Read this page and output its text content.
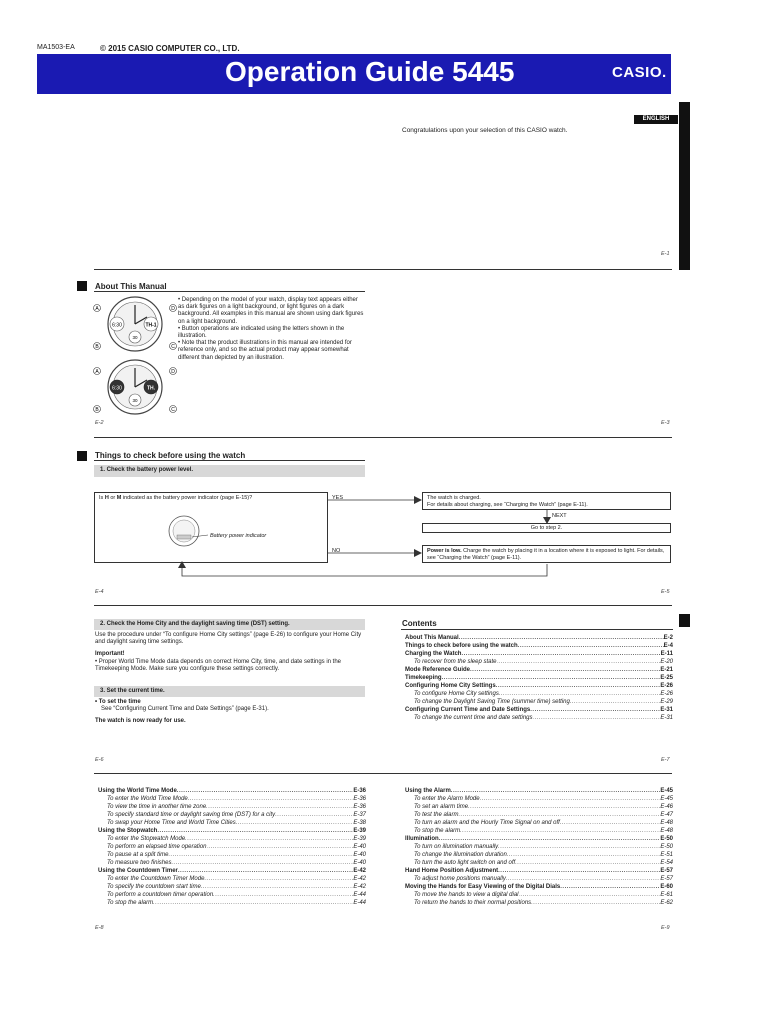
MA1503-EA	© 2015 CASIO COMPUTER CO., LTD.
Operation Guide 5445	CASIO.
ENGLISH
Congratulations upon your selection of this CASIO watch.
E-1
About This Manual
6:30	TH-1
30
A	D
B	C
6:30	TH.
30
A	D
B	C
• Depending on the model of your watch, display text appears either as dark figures on a light background, or light figures on a dark background. All examples in this manual are shown using dark figures on a light background.
• Button operations are indicated using the letters shown in the illustration.
• Note that the product illustrations in this manual are intended for reference only, and so the actual product may appear somewhat different than depicted by an illustration.
E-2	E-3
Things to check before using the watch
1. Check the battery power level.
Is H or M indicated as the battery power indicator (page E-15)?
Battery power indicator
YES
NO
The watch is charged.
For details about charging, see “Charging the Watch” (page E-11).
NEXT
Go to step 2.
Power is low. Charge the watch by placing it in a location where it is exposed to light. For details, see “Charging the Watch” (page E-11).
E-4	E-5
2. Check the Home City and the daylight saving time (DST) setting.
Use the procedure under “To configure Home City settings” (page E-26) to configure your Home City and daylight saving time settings.
Important!
• Proper World Time Mode data depends on correct Home City, time, and date settings in the Timekeeping Mode. Make sure you configure these settings correctly.
3. Set the current time.
• To set the time
See “Configuring Current Time and Date Settings” (page E-31).
The watch is now ready for use.
E-6	E-7
Contents
About This Manual .....	E-2
Things to check before using the watch .....	E-4
Charging the Watch .....	E-11
To recover from the sleep state .....	E-20
Mode Reference Guide .....	E-21
Timekeeping .....	E-25
Configuring Home City Settings .....	E-26
To configure Home City settings .....	E-26
To change the Daylight Saving Time (summer time) setting .....	E-29
Configuring Current Time and Date Settings .....	E-31
To change the current time and date settings .....	E-31
Using the World Time Mode .....	E-36
To enter the World Time Mode .....	E-36
To view the time in another time zone .....	E-36
To specify standard time or daylight saving time (DST) for a city .....	E-37
To swap your Home Time and World Time Cities .....	E-38
Using the Stopwatch .....	E-39
To enter the Stopwatch Mode .....	E-39
To perform an elapsed time operation .....	E-40
To pause at a split time .....	E-40
To measure two finishes .....	E-40
Using the Countdown Timer .....	E-42
To enter the Countdown Timer Mode .....	E-42
To specify the countdown start time .....	E-42
To perform a countdown timer operation .....	E-44
To stop the alarm .....	E-44
Using the Alarm .....	E-45
To enter the Alarm Mode .....	E-45
To set an alarm time .....	E-46
To test the alarm .....	E-47
To turn an alarm and the Hourly Time Signal on and off .....	E-48
To stop the alarm .....	E-48
Illumination .....	E-50
To turn on illumination manually .....	E-50
To change the illumination duration .....	E-51
To turn the auto light switch on and off .....	E-54
Hand Home Position Adjustment .....	E-57
To adjust home positions manually .....	E-57
Moving the Hands for Easy Viewing of the Digital Dials .....	E-60
To move the hands to view a digital dial .....	E-61
To return the hands to their normal positions .....	E-62
E-8	E-9
